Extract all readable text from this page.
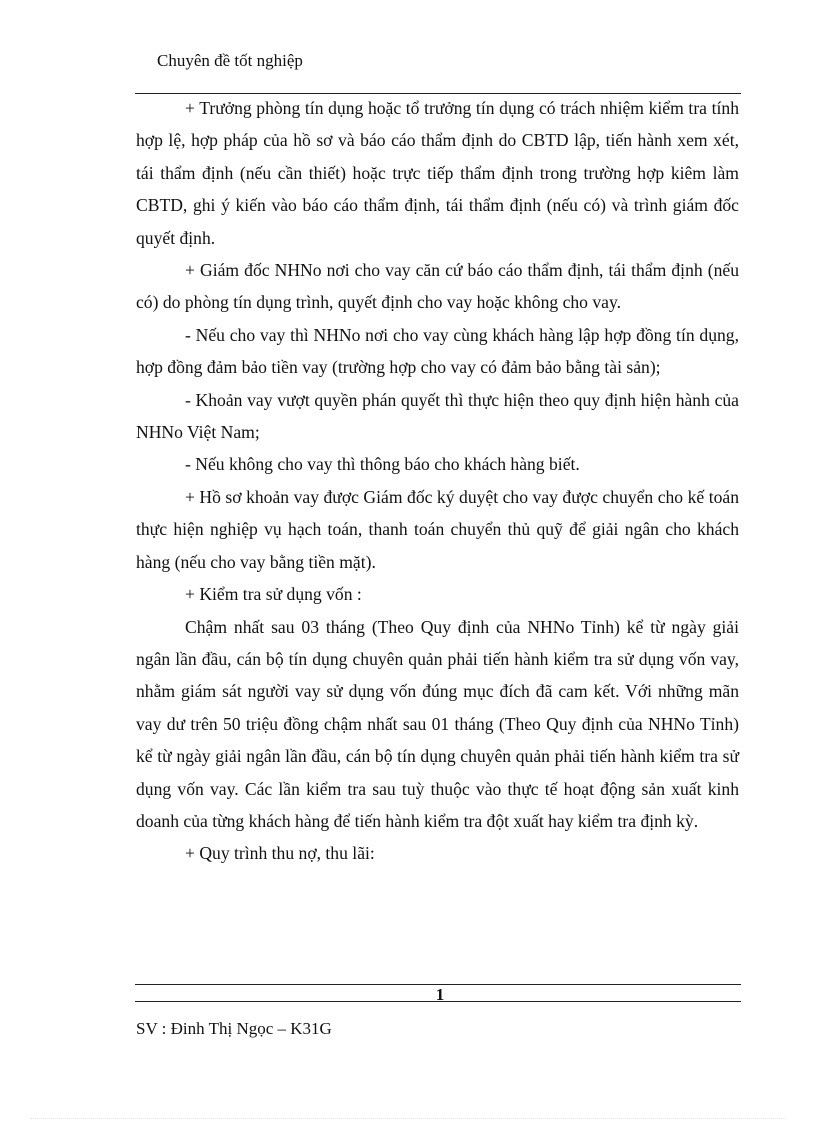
Chuyên đề tốt nghiệp

+ Trưởng phòng tín dụng hoặc tổ trưởng tín dụng có trách nhiệm kiểm tra tính hợp lệ, hợp pháp của hồ sơ và báo cáo thẩm định do CBTD lập, tiến hành xem xét, tái thẩm định (nếu cần thiết) hoặc trực tiếp thẩm định trong trường hợp kiêm làm CBTD, ghi ý kiến vào báo cáo thẩm định, tái thẩm định (nếu có) và trình giám đốc quyết định.

+ Giám đốc NHNo nơi cho vay căn cứ báo cáo thẩm định, tái thẩm định (nếu có) do phòng tín dụng trình, quyết định cho vay hoặc không cho vay.

- Nếu cho vay thì NHNo nơi cho vay cùng khách hàng lập hợp đồng tín dụng, hợp đồng đảm bảo tiền vay (trường hợp cho vay có đảm bảo bằng tài sản);

- Khoản vay vượt quyền phán quyết thì thực hiện theo quy định hiện hành của NHNo Việt Nam;

- Nếu không cho vay thì thông báo cho khách hàng biết.

+ Hồ sơ khoản vay được Giám đốc ký duyệt cho vay được chuyển cho kế toán thực hiện nghiệp vụ hạch toán, thanh toán chuyển thủ quỹ để giải ngân cho khách hàng (nếu cho vay bằng tiền mặt).

+ Kiểm tra sử dụng vốn :

Chậm nhất sau 03 tháng (Theo Quy định của NHNo Tỉnh) kể từ ngày giải ngân lần đầu, cán bộ tín dụng chuyên quản phải tiến hành kiểm tra sử dụng vốn vay, nhằm giám sát người vay sử dụng vốn đúng mục đích đã cam kết. Với những mãn vay dư trên 50 triệu đồng chậm nhất sau 01 tháng (Theo Quy định của NHNo Tỉnh) kể từ ngày giải ngân lần đầu, cán bộ tín dụng chuyên quản phải tiến hành kiểm tra sử dụng vốn vay. Các lần kiểm tra sau tuỳ thuộc vào thực tế hoạt động sản xuất kinh doanh của từng khách hàng để tiến hành kiểm tra đột xuất hay kiểm tra định kỳ.

+ Quy trình thu nợ, thu lãi:

1
SV : Đinh Thị Ngọc – K31G
